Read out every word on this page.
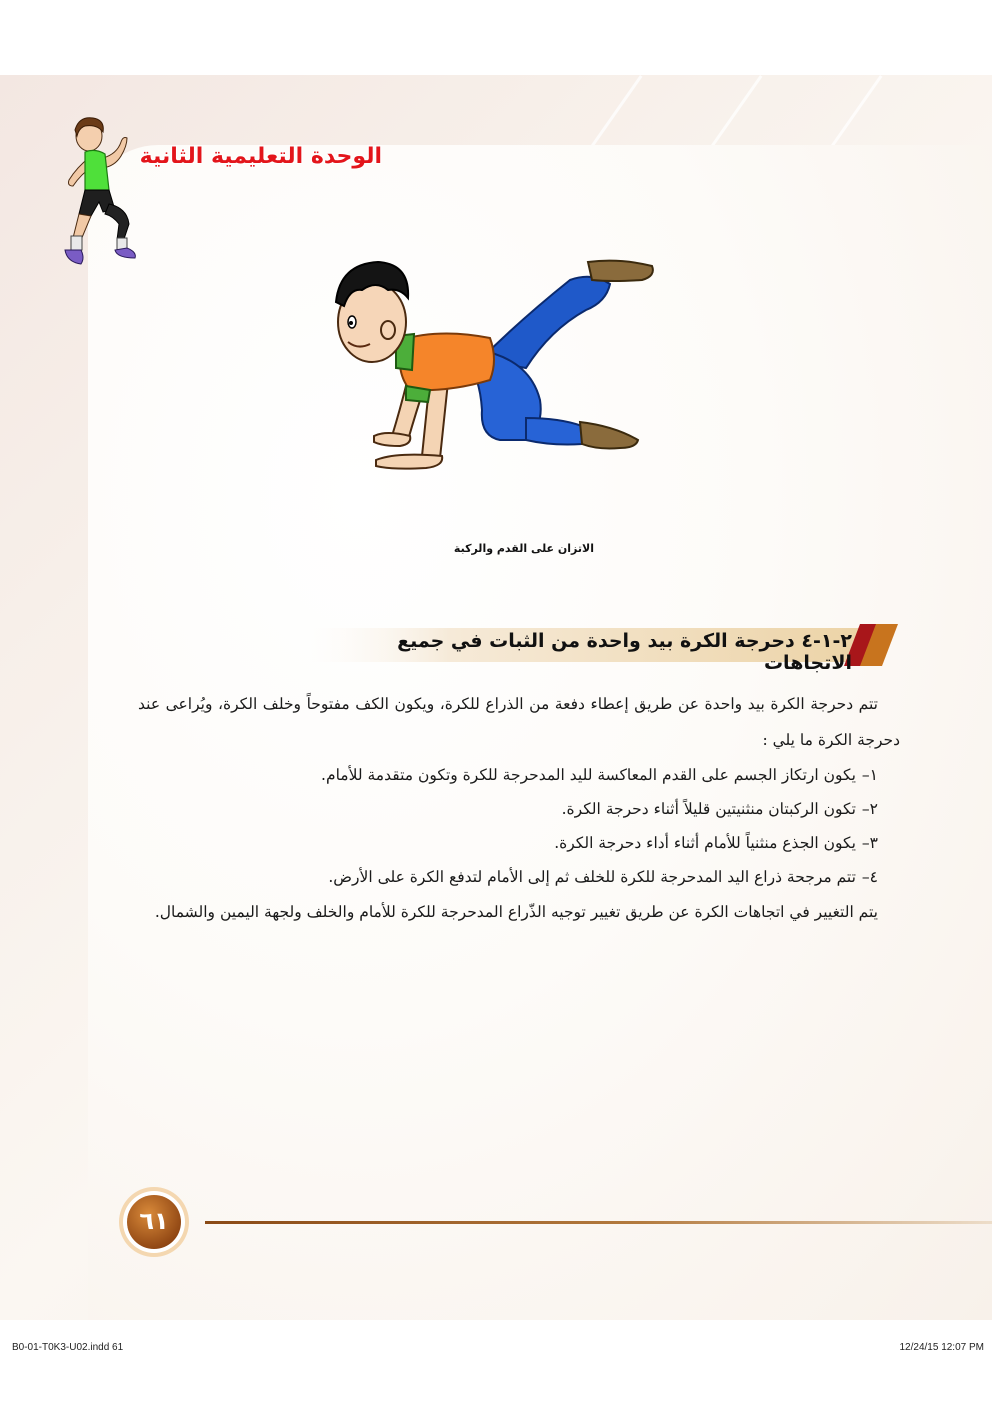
الوحدة التعليمية الثانية
الاتزان على القدم والركبة
٢-١-٤ دحرجة الكرة بيد واحدة من الثبات في جميع الاتجاهات

تتم دحرجة الكرة بيد واحدة عن طريق إعطاء دفعة من الذراع للكرة، ويكون الكف مفتوحاً وخلف الكرة، ويُراعى عند دحرجة الكرة ما يلي :

١–يكون ارتكاز الجسم على القدم المعاكسة لليد المدحرجة للكرة وتكون متقدمة للأمام.

٢–تكون الركبتان منثنيتين قليلاً أثناء دحرجة الكرة.

٣–يكون الجذع منثنياً للأمام أثناء أداء دحرجة الكرة.

٤–تتم مرجحة ذراع اليد المدحرجة للكرة للخلف ثم إلى الأمام لتدفع الكرة على الأرض.

يتم التغيير في اتجاهات الكرة عن طريق تغيير توجيه الذّراع المدحرجة للكرة للأمام والخلف ولجهة اليمين والشمال.

٦١
B0-01-T0K3-U02.indd 61	12/24/15 12:07 PM
